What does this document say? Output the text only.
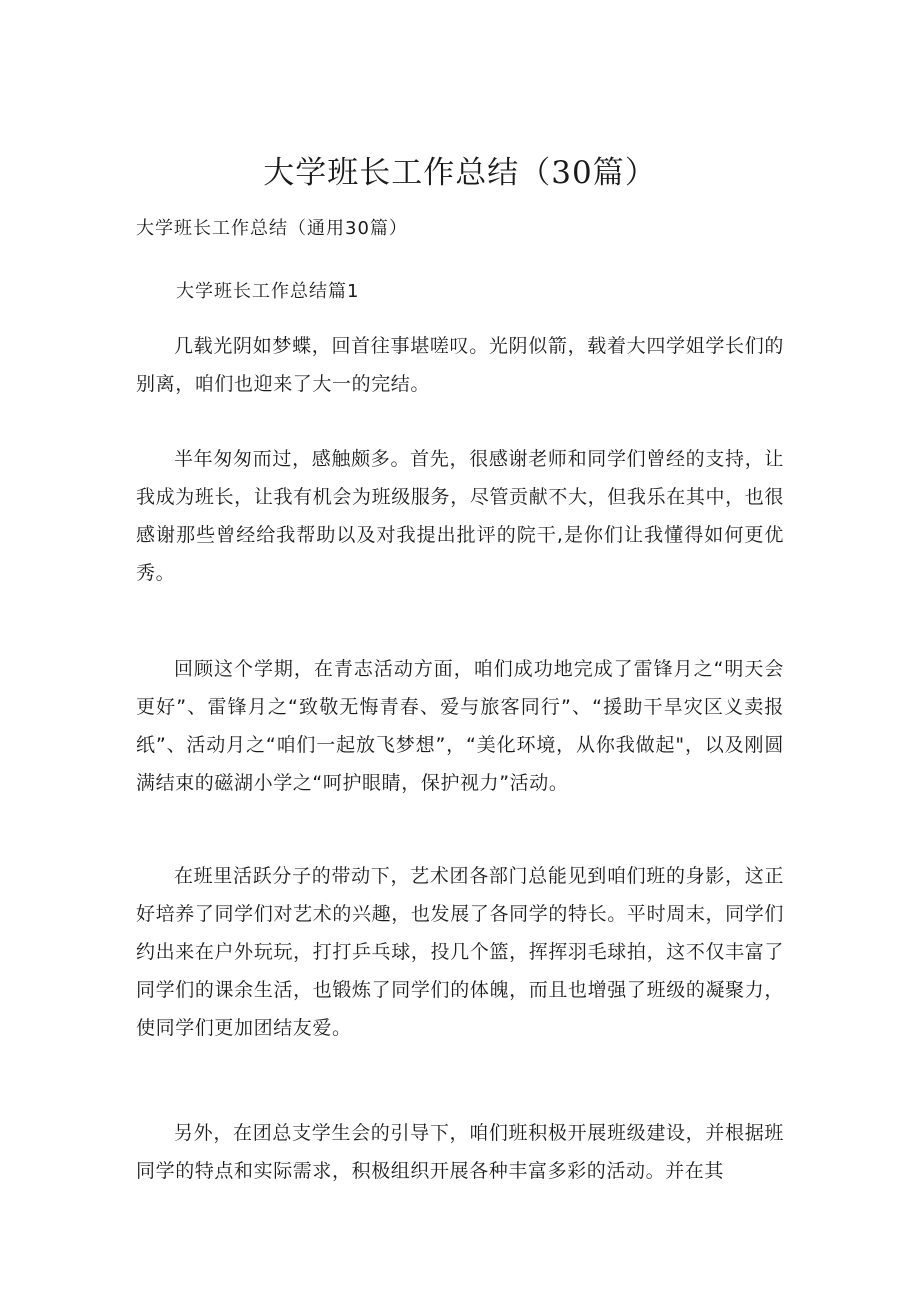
大学班长工作总结（30篇）

大学班长工作总结（通用30篇）

大学班长工作总结篇1

几载光阴如梦蝶，回首往事堪嗟叹。光阴似箭，载着大四学姐学长们的别离，咱们也迎来了大一的完结。

半年匆匆而过，感触颇多。首先，很感谢老师和同学们曾经的支持，让我成为班长，让我有机会为班级服务，尽管贡献不大，但我乐在其中，也很感谢那些曾经给我帮助以及对我提出批评的院干,是你们让我懂得如何更优秀。

回顾这个学期，在青志活动方面，咱们成功地完成了雷锋月之“明天会更好”、雷锋月之“致敬无悔青春、爱与旅客同行”、“援助干旱灾区义卖报纸”、活动月之“咱们一起放飞梦想”，“美化环境，从你我做起"，以及刚圆满结束的磁湖小学之“呵护眼睛，保护视力”活动。

在班里活跃分子的带动下，艺术团各部门总能见到咱们班的身影，这正好培养了同学们对艺术的兴趣，也发展了各同学的特长。平时周末，同学们约出来在户外玩玩，打打乒乓球，投几个篮，挥挥羽毛球拍，这不仅丰富了同学们的课余生活，也锻炼了同学们的体魄，而且也增强了班级的凝聚力，使同学们更加团结友爱。

另外，在团总支学生会的引导下，咱们班积极开展班级建设，并根据班同学的特点和实际需求，积极组织开展各种丰富多彩的活动。并在其
